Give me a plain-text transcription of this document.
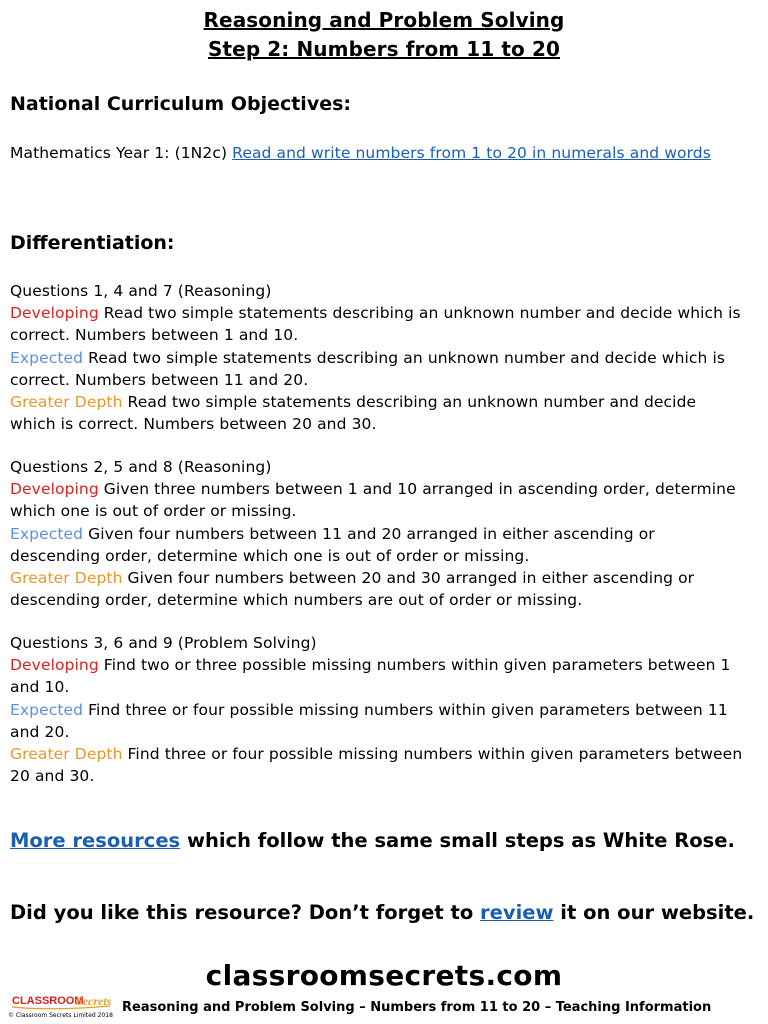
Reasoning and Problem Solving
Step 2: Numbers from 11 to 20
National Curriculum Objectives:
Mathematics Year 1: (1N2c) Read and write numbers from 1 to 20 in numerals and words
Differentiation:
Questions 1, 4 and 7 (Reasoning)
Developing Read two simple statements describing an unknown number and decide which is correct. Numbers between 1 and 10.
Expected Read two simple statements describing an unknown number and decide which is correct. Numbers between 11 and 20.
Greater Depth Read two simple statements describing an unknown number and decide which is correct. Numbers between 20 and 30.
Questions 2, 5 and 8 (Reasoning)
Developing Given three numbers between 1 and 10 arranged in ascending order, determine which one is out of order or missing.
Expected Given four numbers between 11 and 20 arranged in either ascending or descending order, determine which one is out of order or missing.
Greater Depth Given four numbers between 20 and 30 arranged in either ascending or descending order, determine which numbers are out of order or missing.
Questions 3, 6 and 9 (Problem Solving)
Developing Find two or three possible missing numbers within given parameters between 1 and 10.
Expected Find three or four possible missing numbers within given parameters between 11 and 20.
Greater Depth Find three or four possible missing numbers within given parameters between 20 and 30.
More resources which follow the same small steps as White Rose.
Did you like this resource? Don’t forget to review it on our website.
classroomsecrets.com
CLASSROOM
Secrets
© Classroom Secrets Limited 2018
Reasoning and Problem Solving – Numbers from 11 to 20 – Teaching Information
